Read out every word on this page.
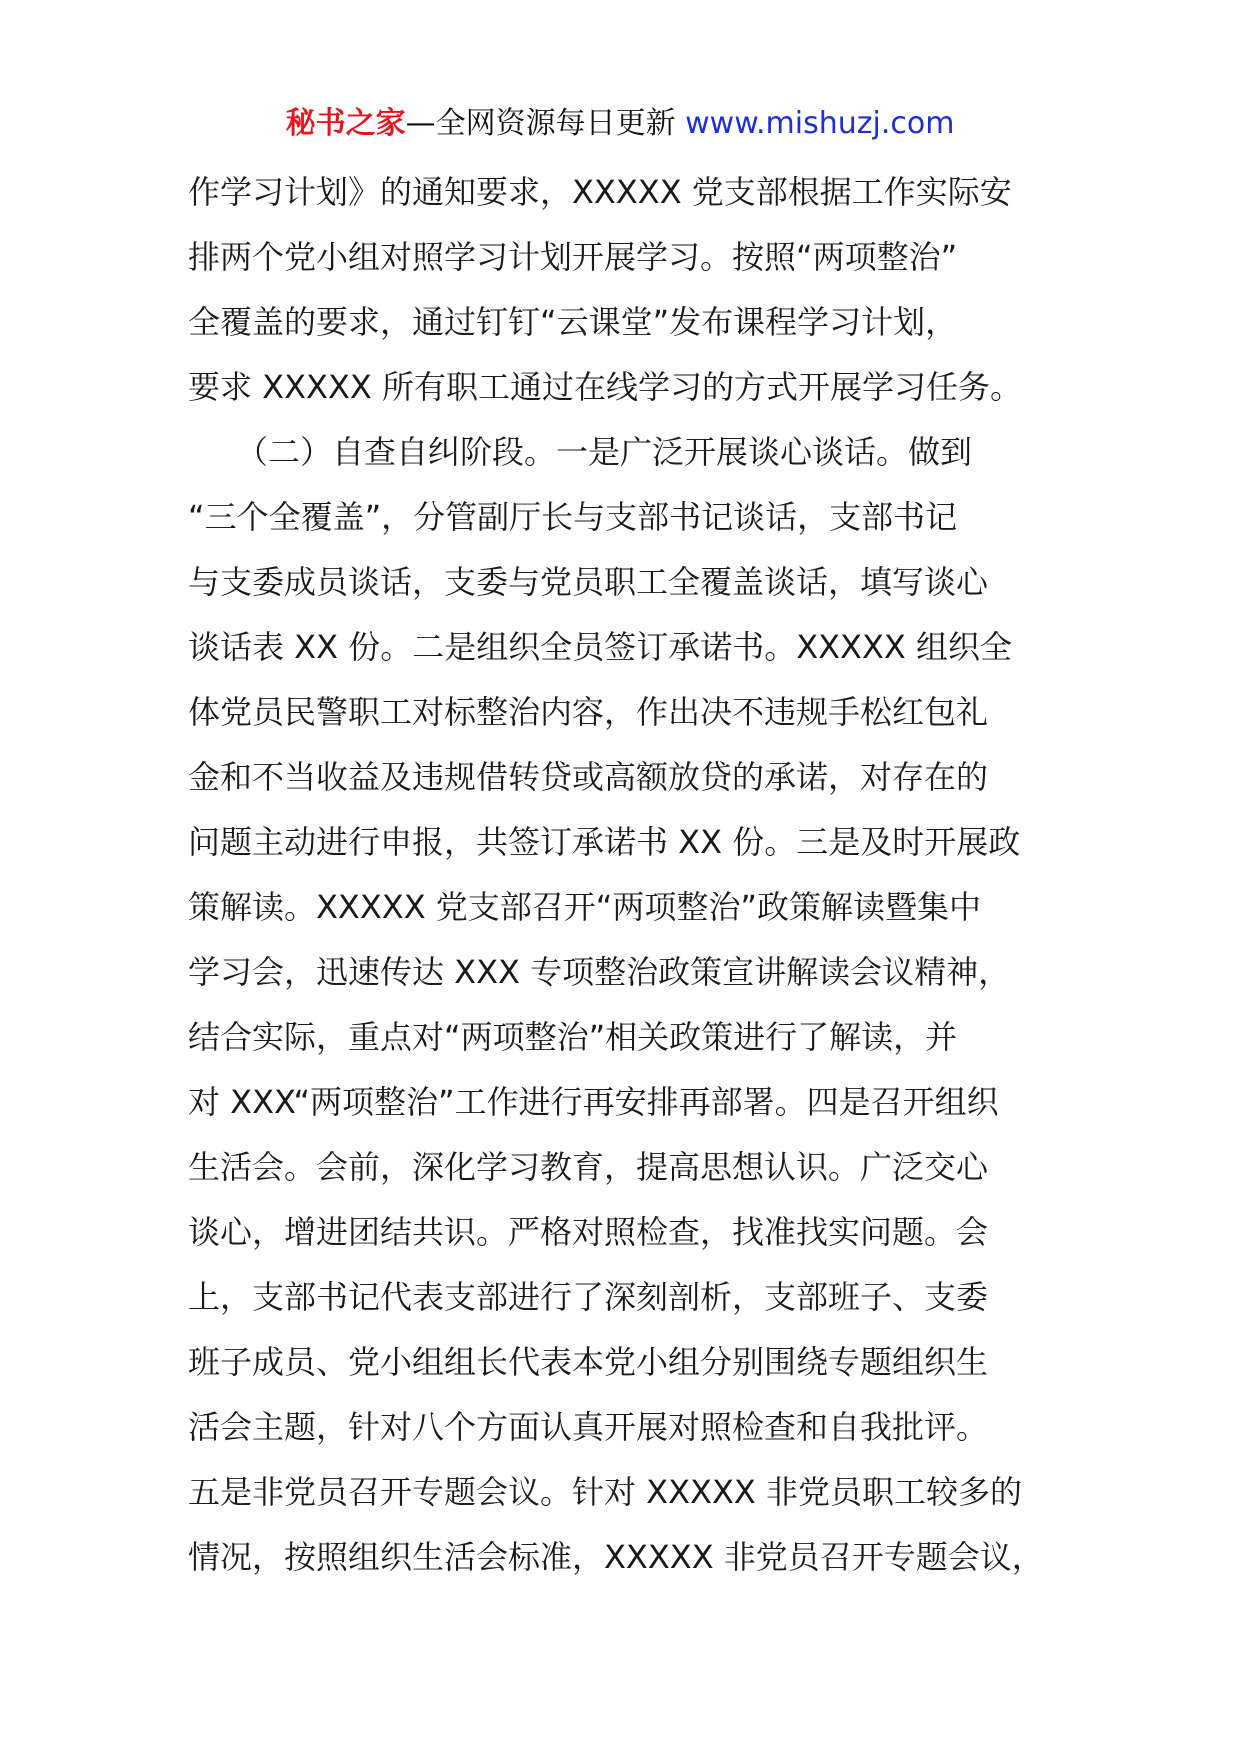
秘书之家—全网资源每日更新 www.mishuzj.com
作学习计划》的通知要求，XXXXX 党支部根据工作实际安
排两个党小组对照学习计划开展学习。按照“两项整治”
全覆盖的要求，通过钉钉“云课堂”发布课程学习计划，
要求 XXXXX 所有职工通过在线学习的方式开展学习任务。
　　（二）自查自纠阶段。一是广泛开展谈心谈话。做到
“三个全覆盖”，分管副厅长与支部书记谈话，支部书记
与支委成员谈话，支委与党员职工全覆盖谈话，填写谈心
谈话表 XX 份。二是组织全员签订承诺书。XXXXX 组织全
体党员民警职工对标整治内容，作出决不违规手松红包礼
金和不当收益及违规借转贷或高额放贷的承诺，对存在的
问题主动进行申报，共签订承诺书 XX 份。三是及时开展政
策解读。XXXXX 党支部召开“两项整治”政策解读暨集中
学习会，迅速传达 XXX 专项整治政策宣讲解读会议精神，
结合实际，重点对“两项整治”相关政策进行了解读，并
对 XXX“两项整治”工作进行再安排再部署。四是召开组织
生活会。会前，深化学习教育，提高思想认识。广泛交心
谈心，增进团结共识。严格对照检查，找准找实问题。会
上，支部书记代表支部进行了深刻剖析，支部班子、支委
班子成员、党小组组长代表本党小组分别围绕专题组织生
活会主题，针对八个方面认真开展对照检查和自我批评。
五是非党员召开专题会议。针对 XXXXX 非党员职工较多的
情况，按照组织生活会标准，XXXXX 非党员召开专题会议，
